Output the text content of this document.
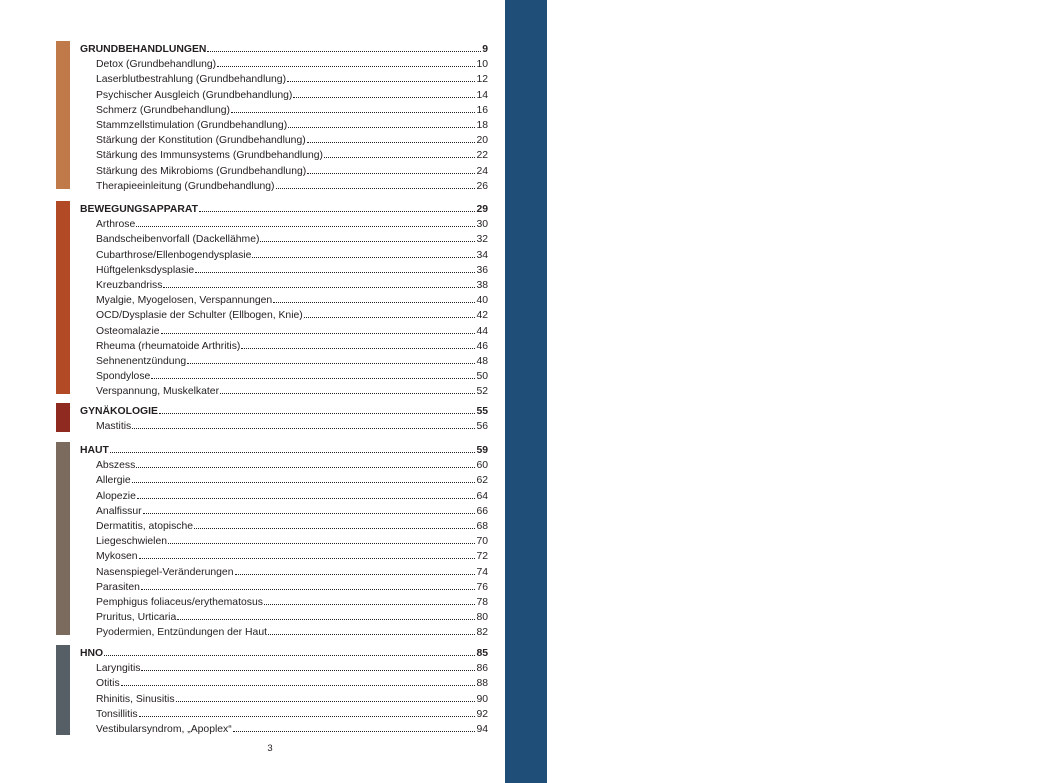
LASERTHERAPIE IN DER KLEINTIERPRAXIS
GRUNDBEHANDLUNGEN	9
Detox (Grundbehandlung)	10
Laserblutbestrahlung (Grundbehandlung)	12
Psychischer Ausgleich (Grundbehandlung)	14
Schmerz (Grundbehandlung)	16
Stammzellstimulation (Grundbehandlung)	18
Stärkung der Konstitution (Grundbehandlung)	20
Stärkung des Immunsystems (Grundbehandlung)	22
Stärkung des Mikrobioms (Grundbehandlung)	24
Therapieeinleitung (Grundbehandlung)	26
BEWEGUNGSAPPARAT	29
Arthrose	30
Bandscheibenvorfall (Dackellähme)	32
Cubarthrose/Ellenbogendysplasie	34
Hüftgelenksdysplasie	36
Kreuzbandriss	38
Myalgie, Myogelosen, Verspannungen	40
OCD/Dysplasie der Schulter (Ellbogen, Knie)	42
Osteomalazie	44
Rheuma (rheumatoide Arthritis)	46
Sehnenentzündung	48
Spondylose	50
Verspannung, Muskelkater	52
GYNÄKOLOGIE	55
Mastitis	56
HAUT	59
Abszess	60
Allergie	62
Alopezie	64
Analfissur	66
Dermatitis, atopische	68
Liegeschwielen	70
Mykosen	72
Nasenspiegel-Veränderungen	74
Parasiten	76
Pemphigus foliaceus/erythematosus	78
Pruritus, Urticaria	80
Pyodermien, Entzündungen der Haut	82
HNO	85
Laryngitis	86
Otitis	88
Rhinitis, Sinusitis	90
Tonsillitis	92
Vestibularsyndrom, „Apoplex“	94
3
